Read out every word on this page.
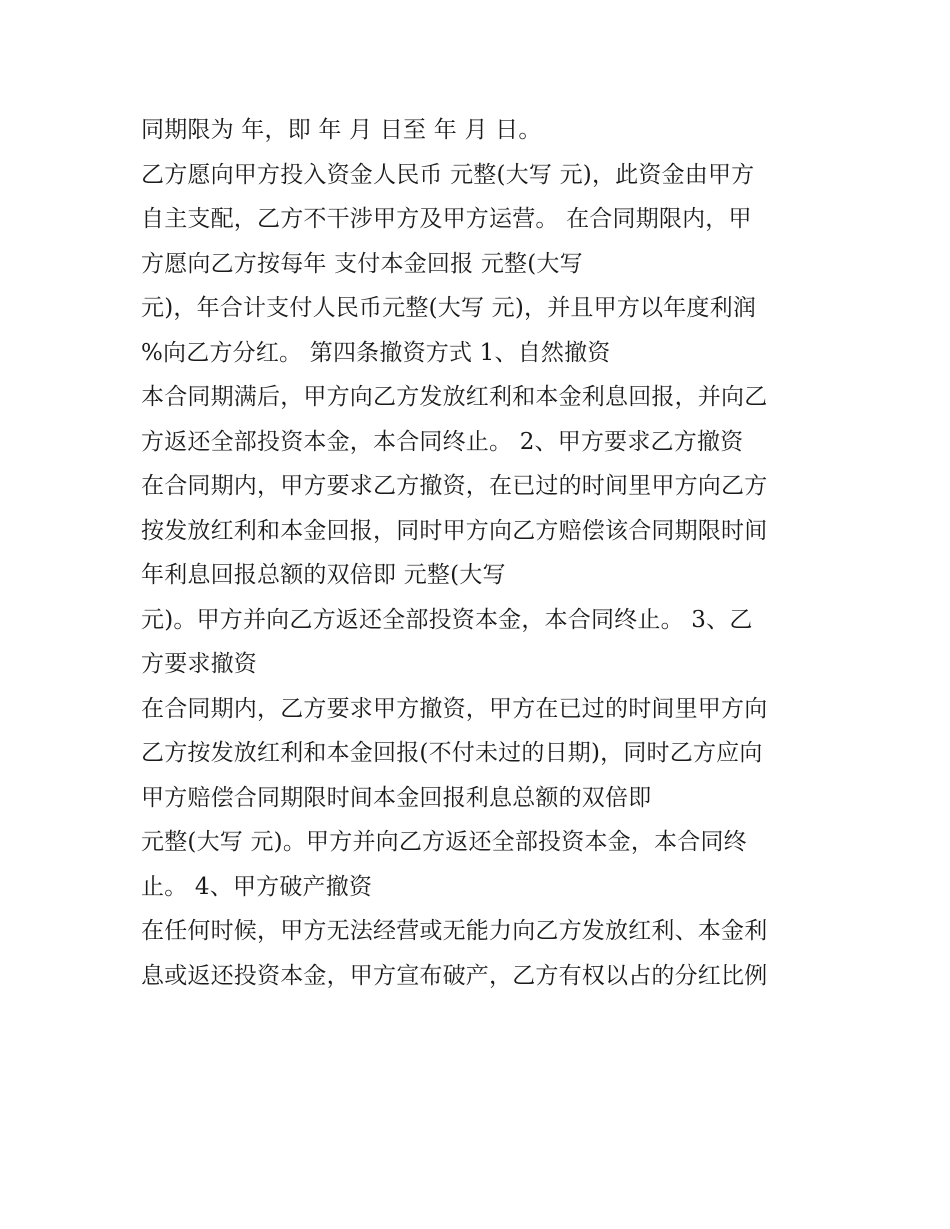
同期限为 年，即 年 月 日至 年 月 日。
乙方愿向甲方投入资金人民币 元整(大写 元)，此资金由甲方
自主支配，乙方不干涉甲方及甲方运营。 在合同期限内，甲
方愿向乙方按每年 支付本金回报 元整(大写
元)，年合计支付人民币元整(大写 元)，并且甲方以年度利润
%向乙方分红。 第四条撤资方式 1、自然撤资
本合同期满后，甲方向乙方发放红利和本金利息回报，并向乙
方返还全部投资本金，本合同终止。 2、甲方要求乙方撤资
在合同期内，甲方要求乙方撤资，在已过的时间里甲方向乙方
按发放红利和本金回报，同时甲方向乙方赔偿该合同期限时间
年利息回报总额的双倍即 元整(大写
元)。甲方并向乙方返还全部投资本金，本合同终止。 3、乙
方要求撤资
在合同期内，乙方要求甲方撤资，甲方在已过的时间里甲方向
乙方按发放红利和本金回报(不付未过的日期)，同时乙方应向
甲方赔偿合同期限时间本金回报利息总额的双倍即
元整(大写 元)。甲方并向乙方返还全部投资本金，本合同终
止。 4、甲方破产撤资
在任何时候，甲方无法经营或无能力向乙方发放红利、本金利
息或返还投资本金，甲方宣布破产，乙方有权以占的分红比例
